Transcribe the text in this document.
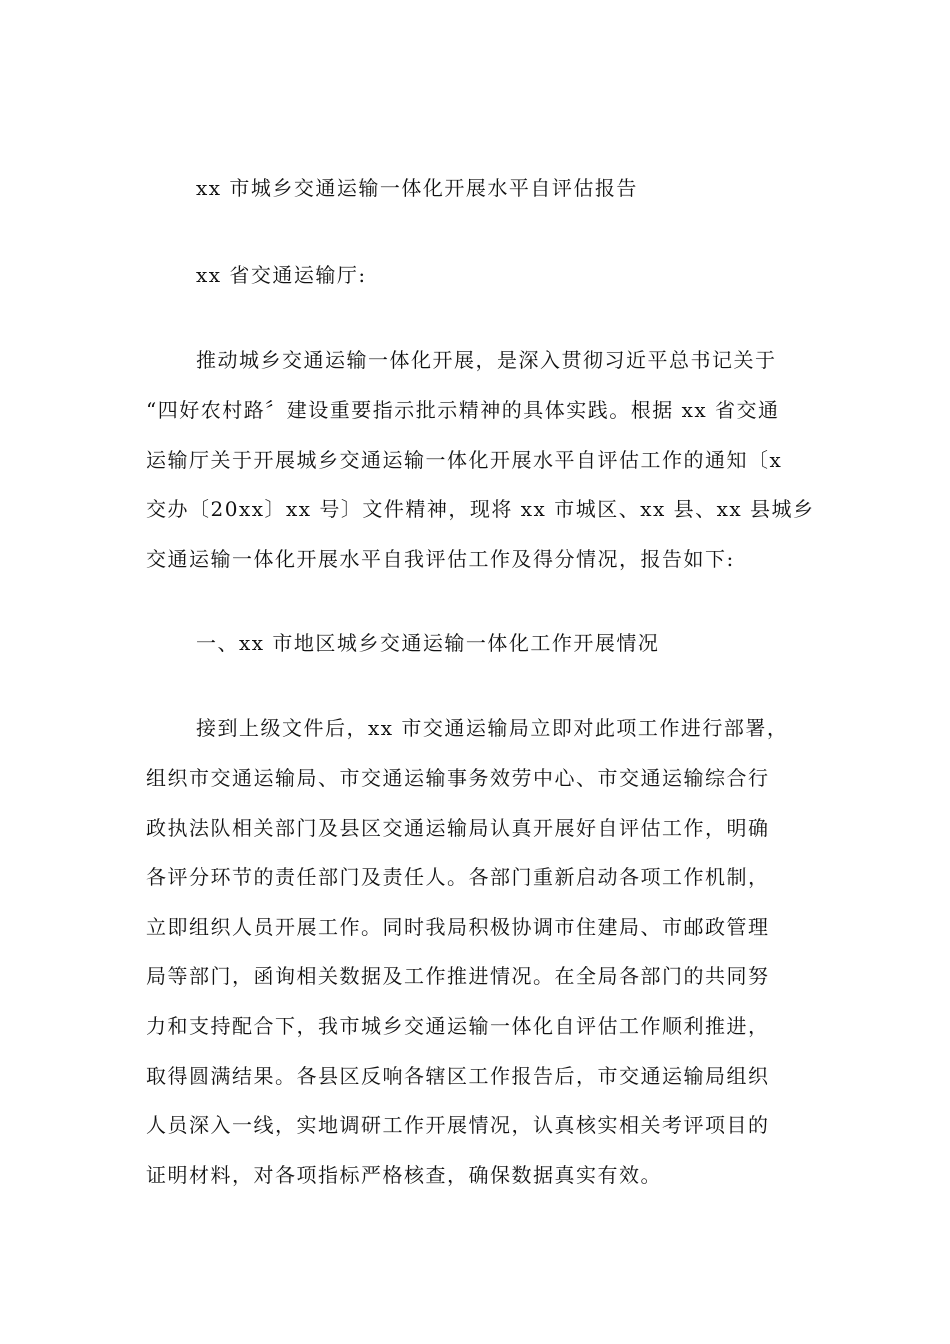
xx 市城乡交通运输一体化开展水平自评估报告
xx 省交通运输厅:
推动城乡交通运输一体化开展，是深入贯彻习近平总书记关于
“四好农村路〞建设重要指示批示精神的具体实践。根据 xx 省交通
运输厅关于开展城乡交通运输一体化开展水平自评估工作的通知〔x
交办〔20xx〕xx 号〕文件精神，现将 xx 市城区、xx 县、xx 县城乡
交通运输一体化开展水平自我评估工作及得分情况，报告如下:
一、xx 市地区城乡交通运输一体化工作开展情况
接到上级文件后，xx 市交通运输局立即对此项工作进行部署，
组织市交通运输局、市交通运输事务效劳中心、市交通运输综合行
政执法队相关部门及县区交通运输局认真开展好自评估工作，明确
各评分环节的责任部门及责任人。各部门重新启动各项工作机制，
立即组织人员开展工作。同时我局积极协调市住建局、市邮政管理
局等部门，函询相关数据及工作推进情况。在全局各部门的共同努
力和支持配合下，我市城乡交通运输一体化自评估工作顺利推进，
取得圆满结果。各县区反响各辖区工作报告后，市交通运输局组织
人员深入一线，实地调研工作开展情况，认真核实相关考评项目的
证明材料，对各项指标严格核查，确保数据真实有效。
